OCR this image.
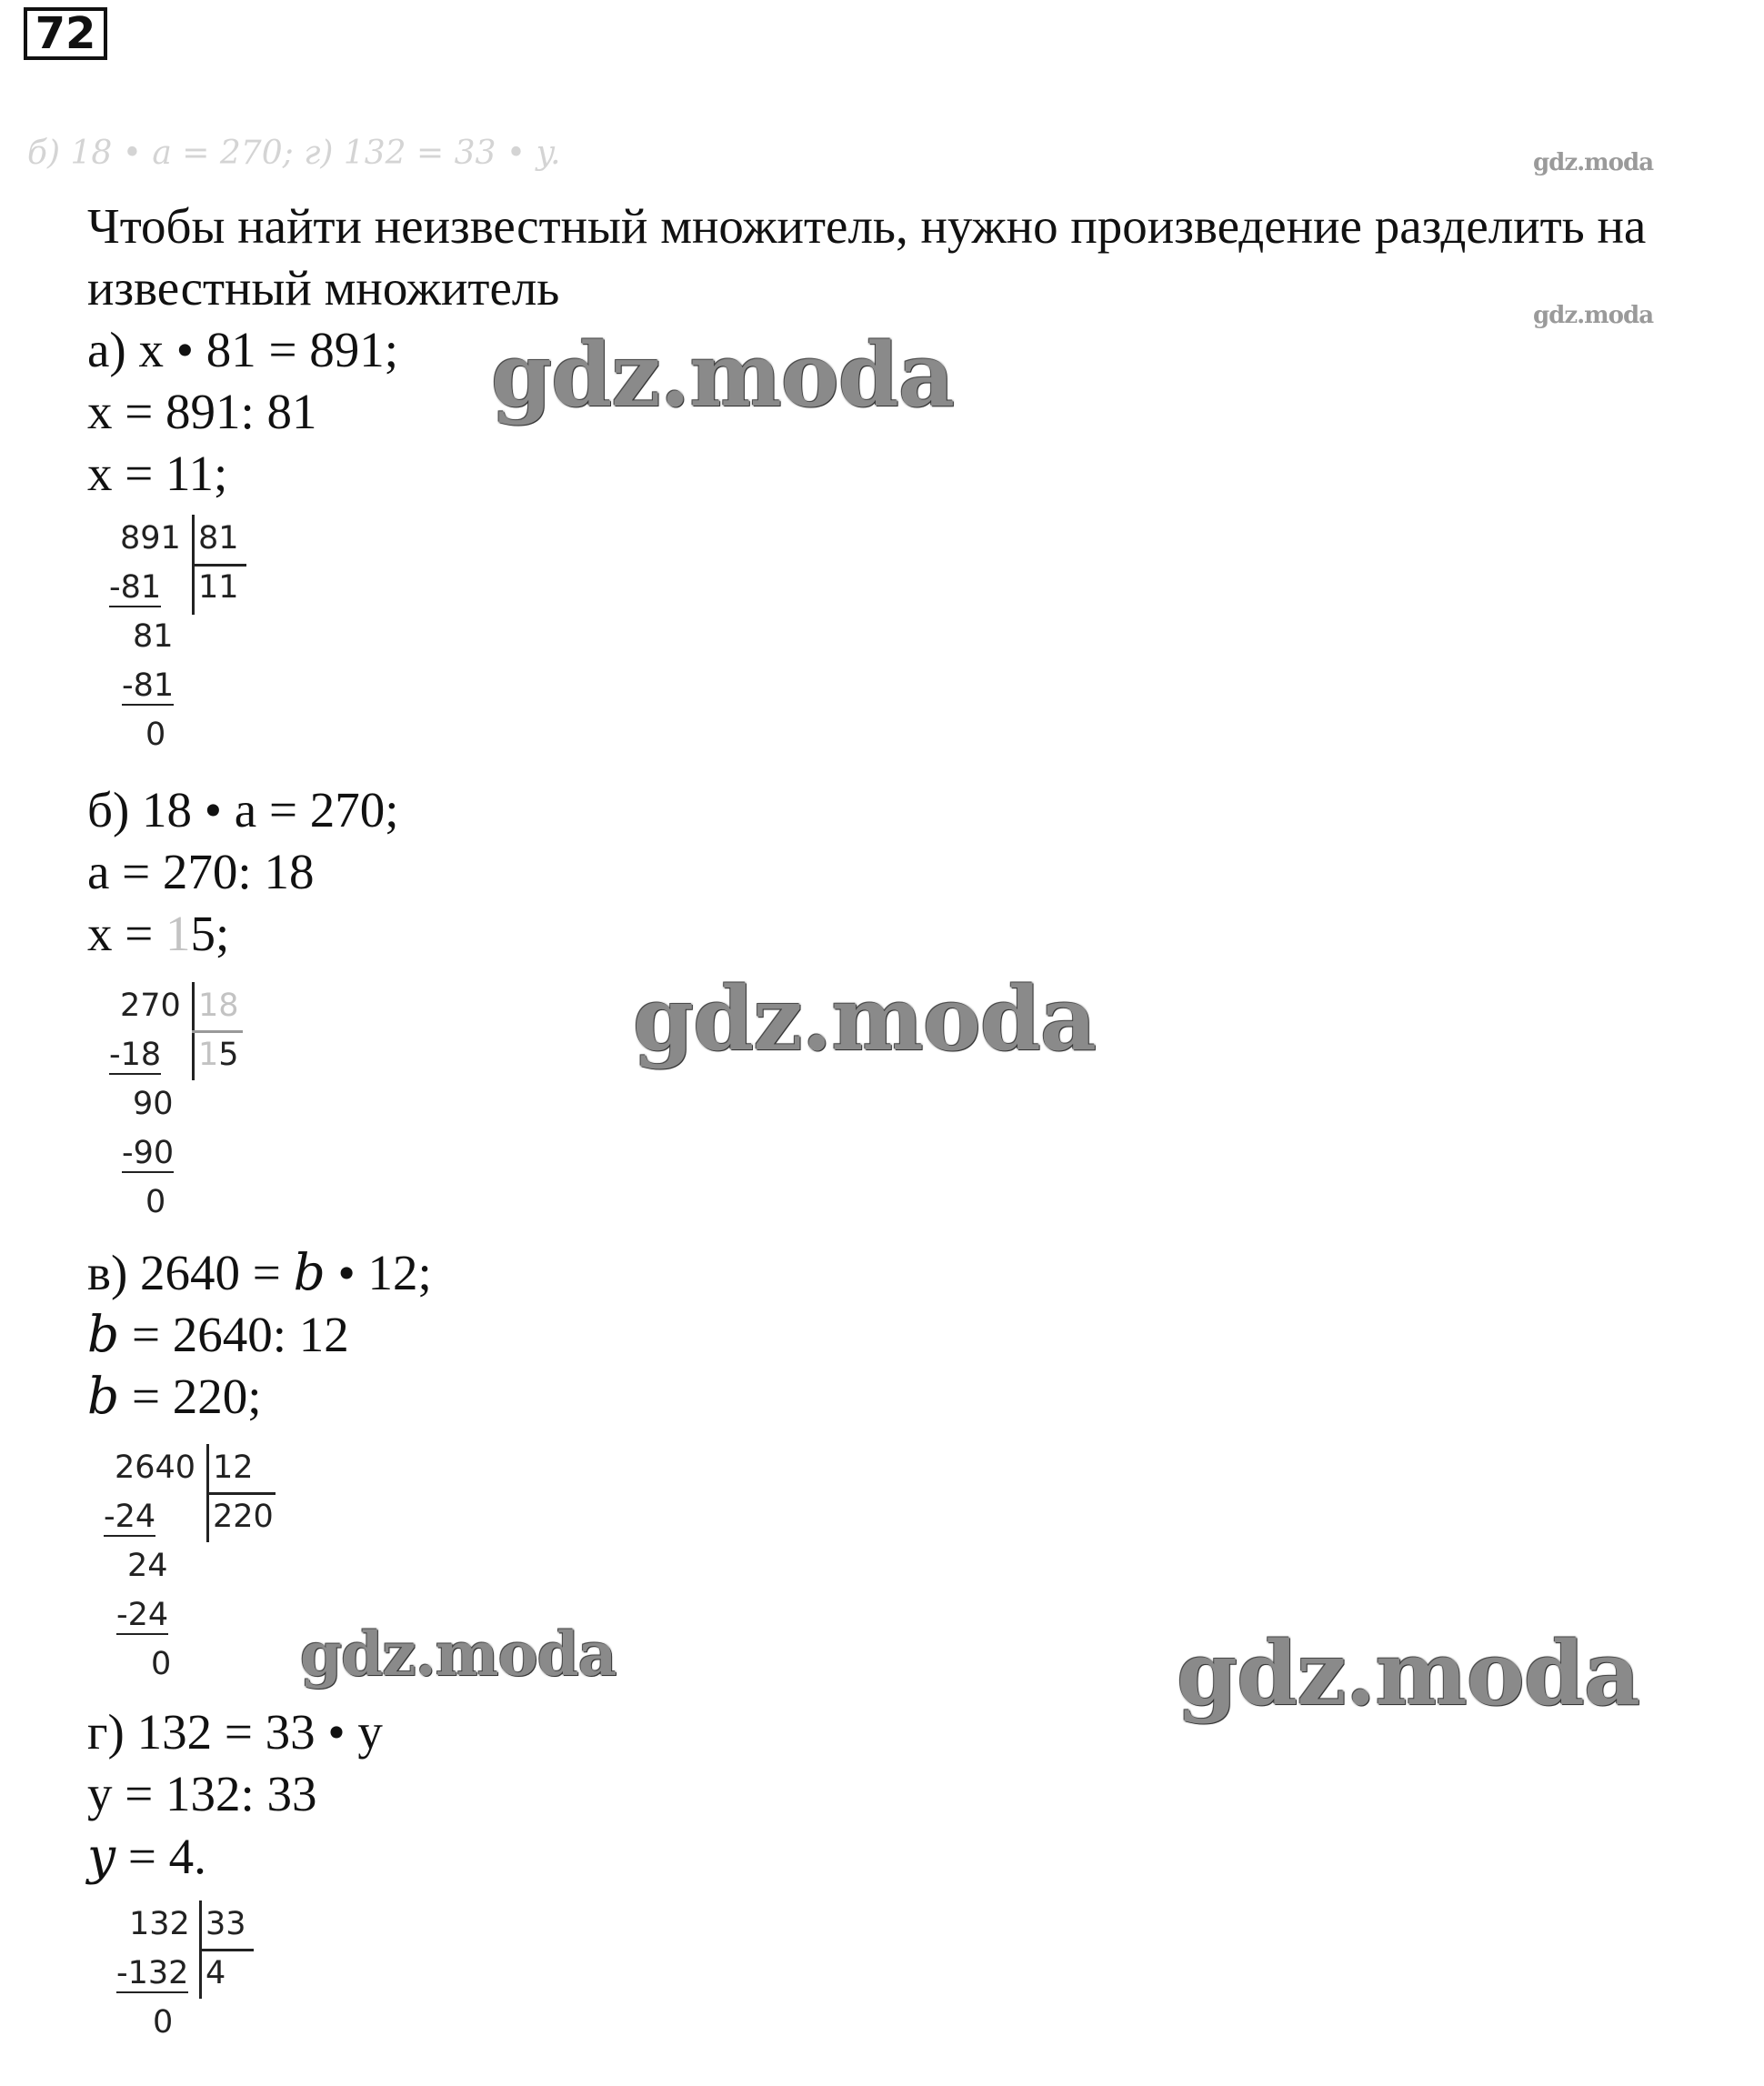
72
б) 18 • a = 270; г) 132 = 33 • y.	gdz.moda
gdz.moda
Чтобы найти неизвестный множитель, нужно произведение разделить на
известный множитель
а) x • 81 = 891;
x = 891: 81
x = 11;
891 81
11
-81
81
-81
0
б) 18 • a = 270;
a = 270: 18
x = 15;
270 18
15
-18
90
-90
0
в) 2640 = b • 12;
b = 2640: 12
b = 220;
2640 12
220
-24
24
-24
0
г) 132 = 33 • y
y = 132: 33
y = 4.
132 33
4
-132
0
gdz.moda
gdz.moda
gdz.moda	gdz.moda
